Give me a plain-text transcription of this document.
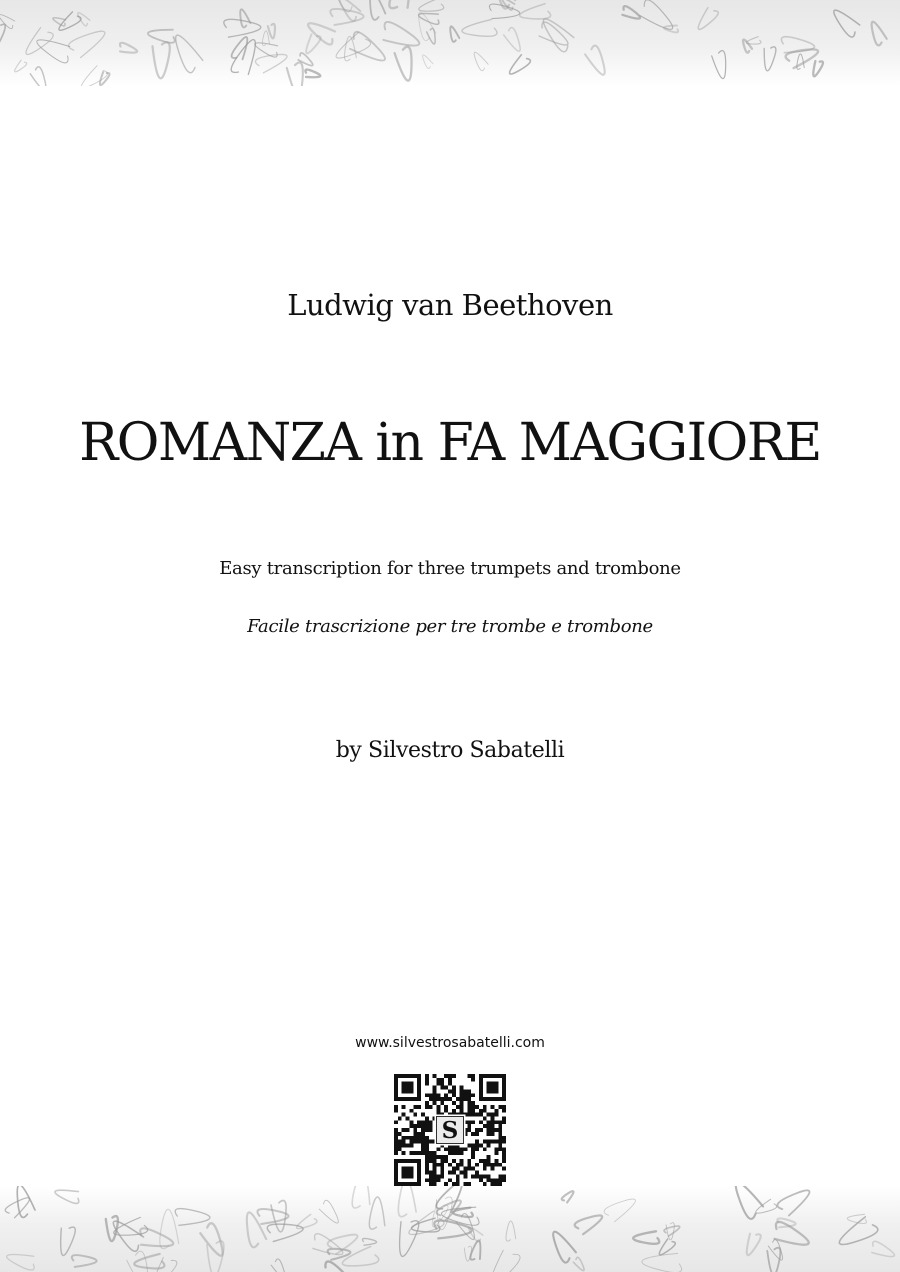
Ludwig van Beethoven
ROMANZA in FA MAGGIORE
Easy transcription for three trumpets and trombone
Facile trascrizione per tre trombe e trombone
by Silvestro Sabatelli
www.silvestrosabatelli.com
S
